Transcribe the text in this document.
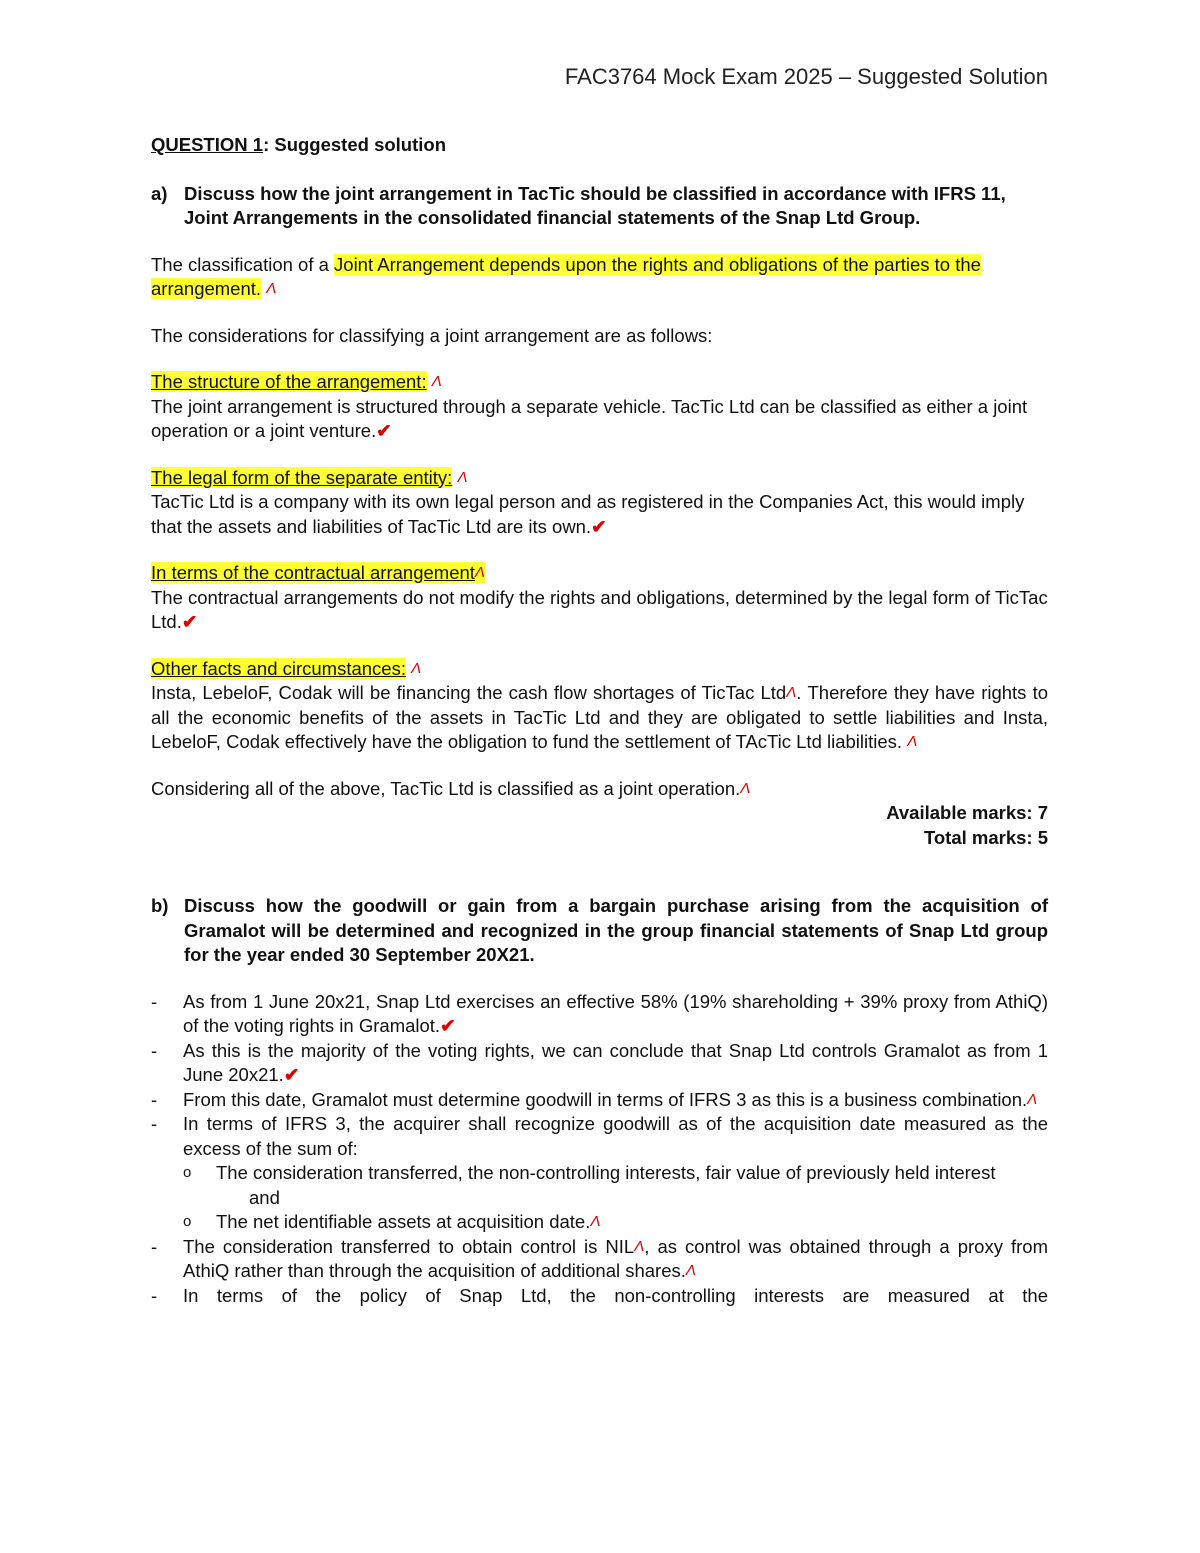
FAC3764 Mock Exam 2025 – Suggested Solution

QUESTION 1: Suggested solution

a) Discuss how the joint arrangement in TacTic should be classified in accordance with IFRS 11, Joint Arrangements in the consolidated financial statements of the Snap Ltd Group.

The classification of a Joint Arrangement depends upon the rights and obligations of the parties to the arrangement. Λ

The considerations for classifying a joint arrangement are as follows:

The structure of the arrangement: Λ

The joint arrangement is structured through a separate vehicle. TacTic Ltd can be classified as either a joint operation or a joint venture.✔

The legal form of the separate entity: Λ

TacTic Ltd is a company with its own legal person and as registered in the Companies Act, this would imply that the assets and liabilities of TacTic Ltd are its own.✔

In terms of the contractual arrangementΛ

The contractual arrangements do not modify the rights and obligations, determined by the legal form of TicTac Ltd.✔

Other facts and circumstances: Λ

Insta, LebeloF, Codak will be financing the cash flow shortages of TicTac LtdΛ. Therefore they have rights to all the economic benefits of the assets in TacTic Ltd and they are obligated to settle liabilities and Insta, LebeloF, Codak effectively have the obligation to fund the settlement of TAcTic Ltd liabilities. Λ

Considering all of the above, TacTic Ltd is classified as a joint operation.Λ

Available marks: 7

Total marks: 5

b) Discuss how the goodwill or gain from a bargain purchase arising from the acquisition of Gramalot will be determined and recognized in the group financial statements of Snap Ltd group for the year ended 30 September 20X21.
-	As from 1 June 20x21, Snap Ltd exercises an effective 58% (19% shareholding + 39% proxy from AthiQ) of the voting rights in Gramalot.✔
-	As this is the majority of the voting rights, we can conclude that Snap Ltd controls Gramalot as from 1 June 20x21.✔
-	From this date, Gramalot must determine goodwill in terms of IFRS 3 as this is a business combination.Λ
-	In terms of IFRS 3, the acquirer shall recognize goodwill as of the acquisition date measured as the excess of the sum of:
o	The consideration transferred, the non-controlling interests, fair value of previously held interest
and
o	The net identifiable assets at acquisition date.Λ
-	The consideration transferred to obtain control is NILΛ, as control was obtained through a proxy from AthiQ rather than through the acquisition of additional shares.Λ
-	In terms of the policy of Snap Ltd, the non-controlling interests are measured at the
